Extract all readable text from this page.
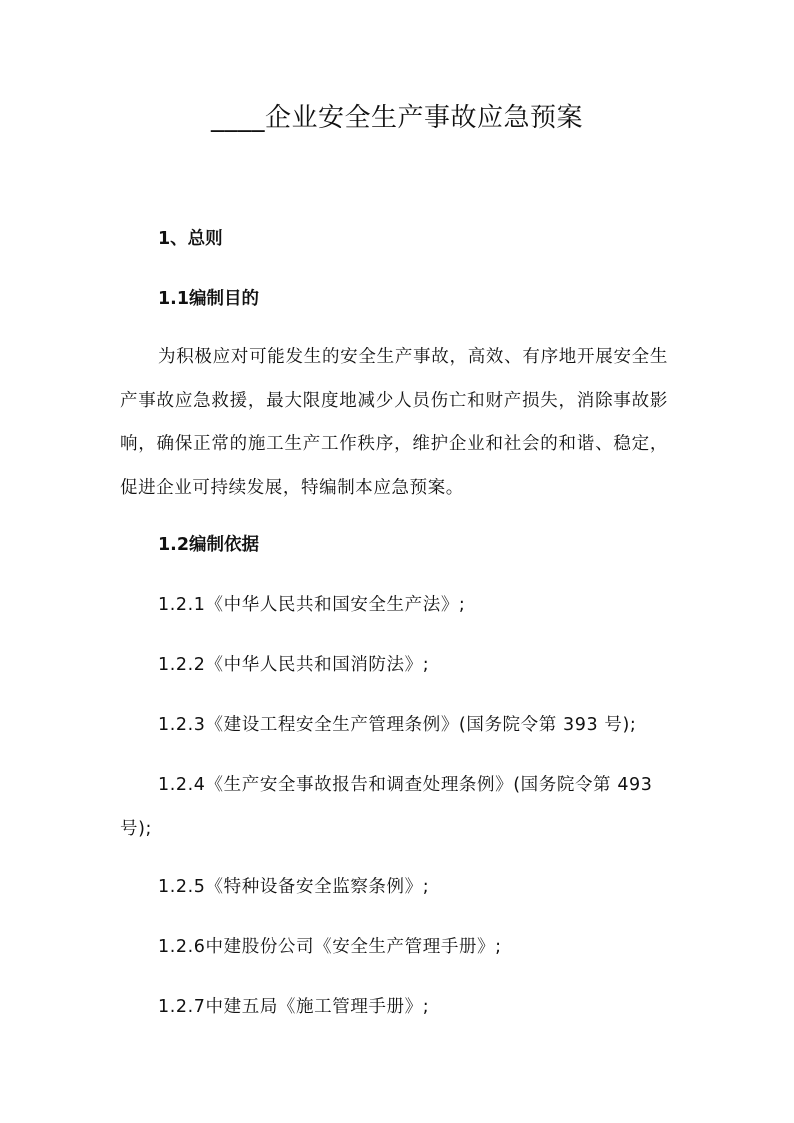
____企业安全生产事故应急预案
1、总则
1.1编制目的
为积极应对可能发生的安全生产事故，高效、有序地开展安全生产事故应急救援，最大限度地减少人员伤亡和财产损失，消除事故影响，确保正常的施工生产工作秩序，维护企业和社会的和谐、稳定，促进企业可持续发展，特编制本应急预案。
1.2编制依据
1.2.1《中华人民共和国安全生产法》;
1.2.2《中华人民共和国消防法》;
1.2.3《建设工程安全生产管理条例》(国务院令第 393 号);
1.2.4《生产安全事故报告和调查处理条例》(国务院令第 493 号);
1.2.5《特种设备安全监察条例》;
1.2.6中建股份公司《安全生产管理手册》;
1.2.7中建五局《施工管理手册》;
